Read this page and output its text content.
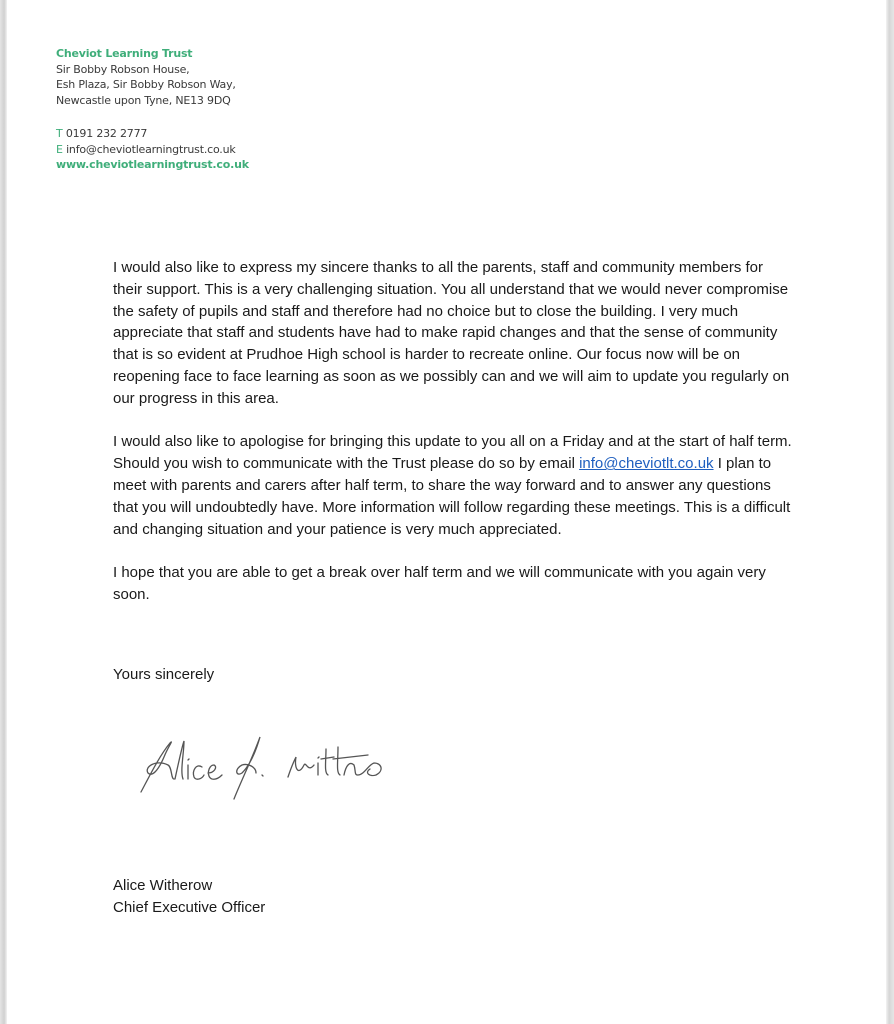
Cheviot Learning Trust
Sir Bobby Robson House,
Esh Plaza, Sir Bobby Robson Way,
Newcastle upon Tyne, NE13 9DQ
T 0191 232 2777
E info@cheviotlearningtrust.co.uk
www.cheviotlearningtrust.co.uk

I would also like to express my sincere thanks to all the parents, staff and community members for their support. This is a very challenging situation. You all understand that we would never compromise the safety of pupils and staff and therefore had no choice but to close the building. I very much appreciate that staff and students have had to make rapid changes and that the sense of community that is so evident at Prudhoe High school is harder to recreate online. Our focus now will be on reopening face to face learning as soon as we possibly can and we will aim to update you regularly on our progress in this area.

I would also like to apologise for bringing this update to you all on a Friday and at the start of half term. Should you wish to communicate with the Trust please do so by email info@cheviotlt.co.uk I plan to meet with parents and carers after half term, to share the way forward and to answer any questions that you will undoubtedly have. More information will follow regarding these meetings. This is a difficult and changing situation and your patience is very much appreciated.

I hope that you are able to get a break over half term and we will communicate with you again very soon.

Yours sincerely
Alice Witherow
Chief Executive Officer
